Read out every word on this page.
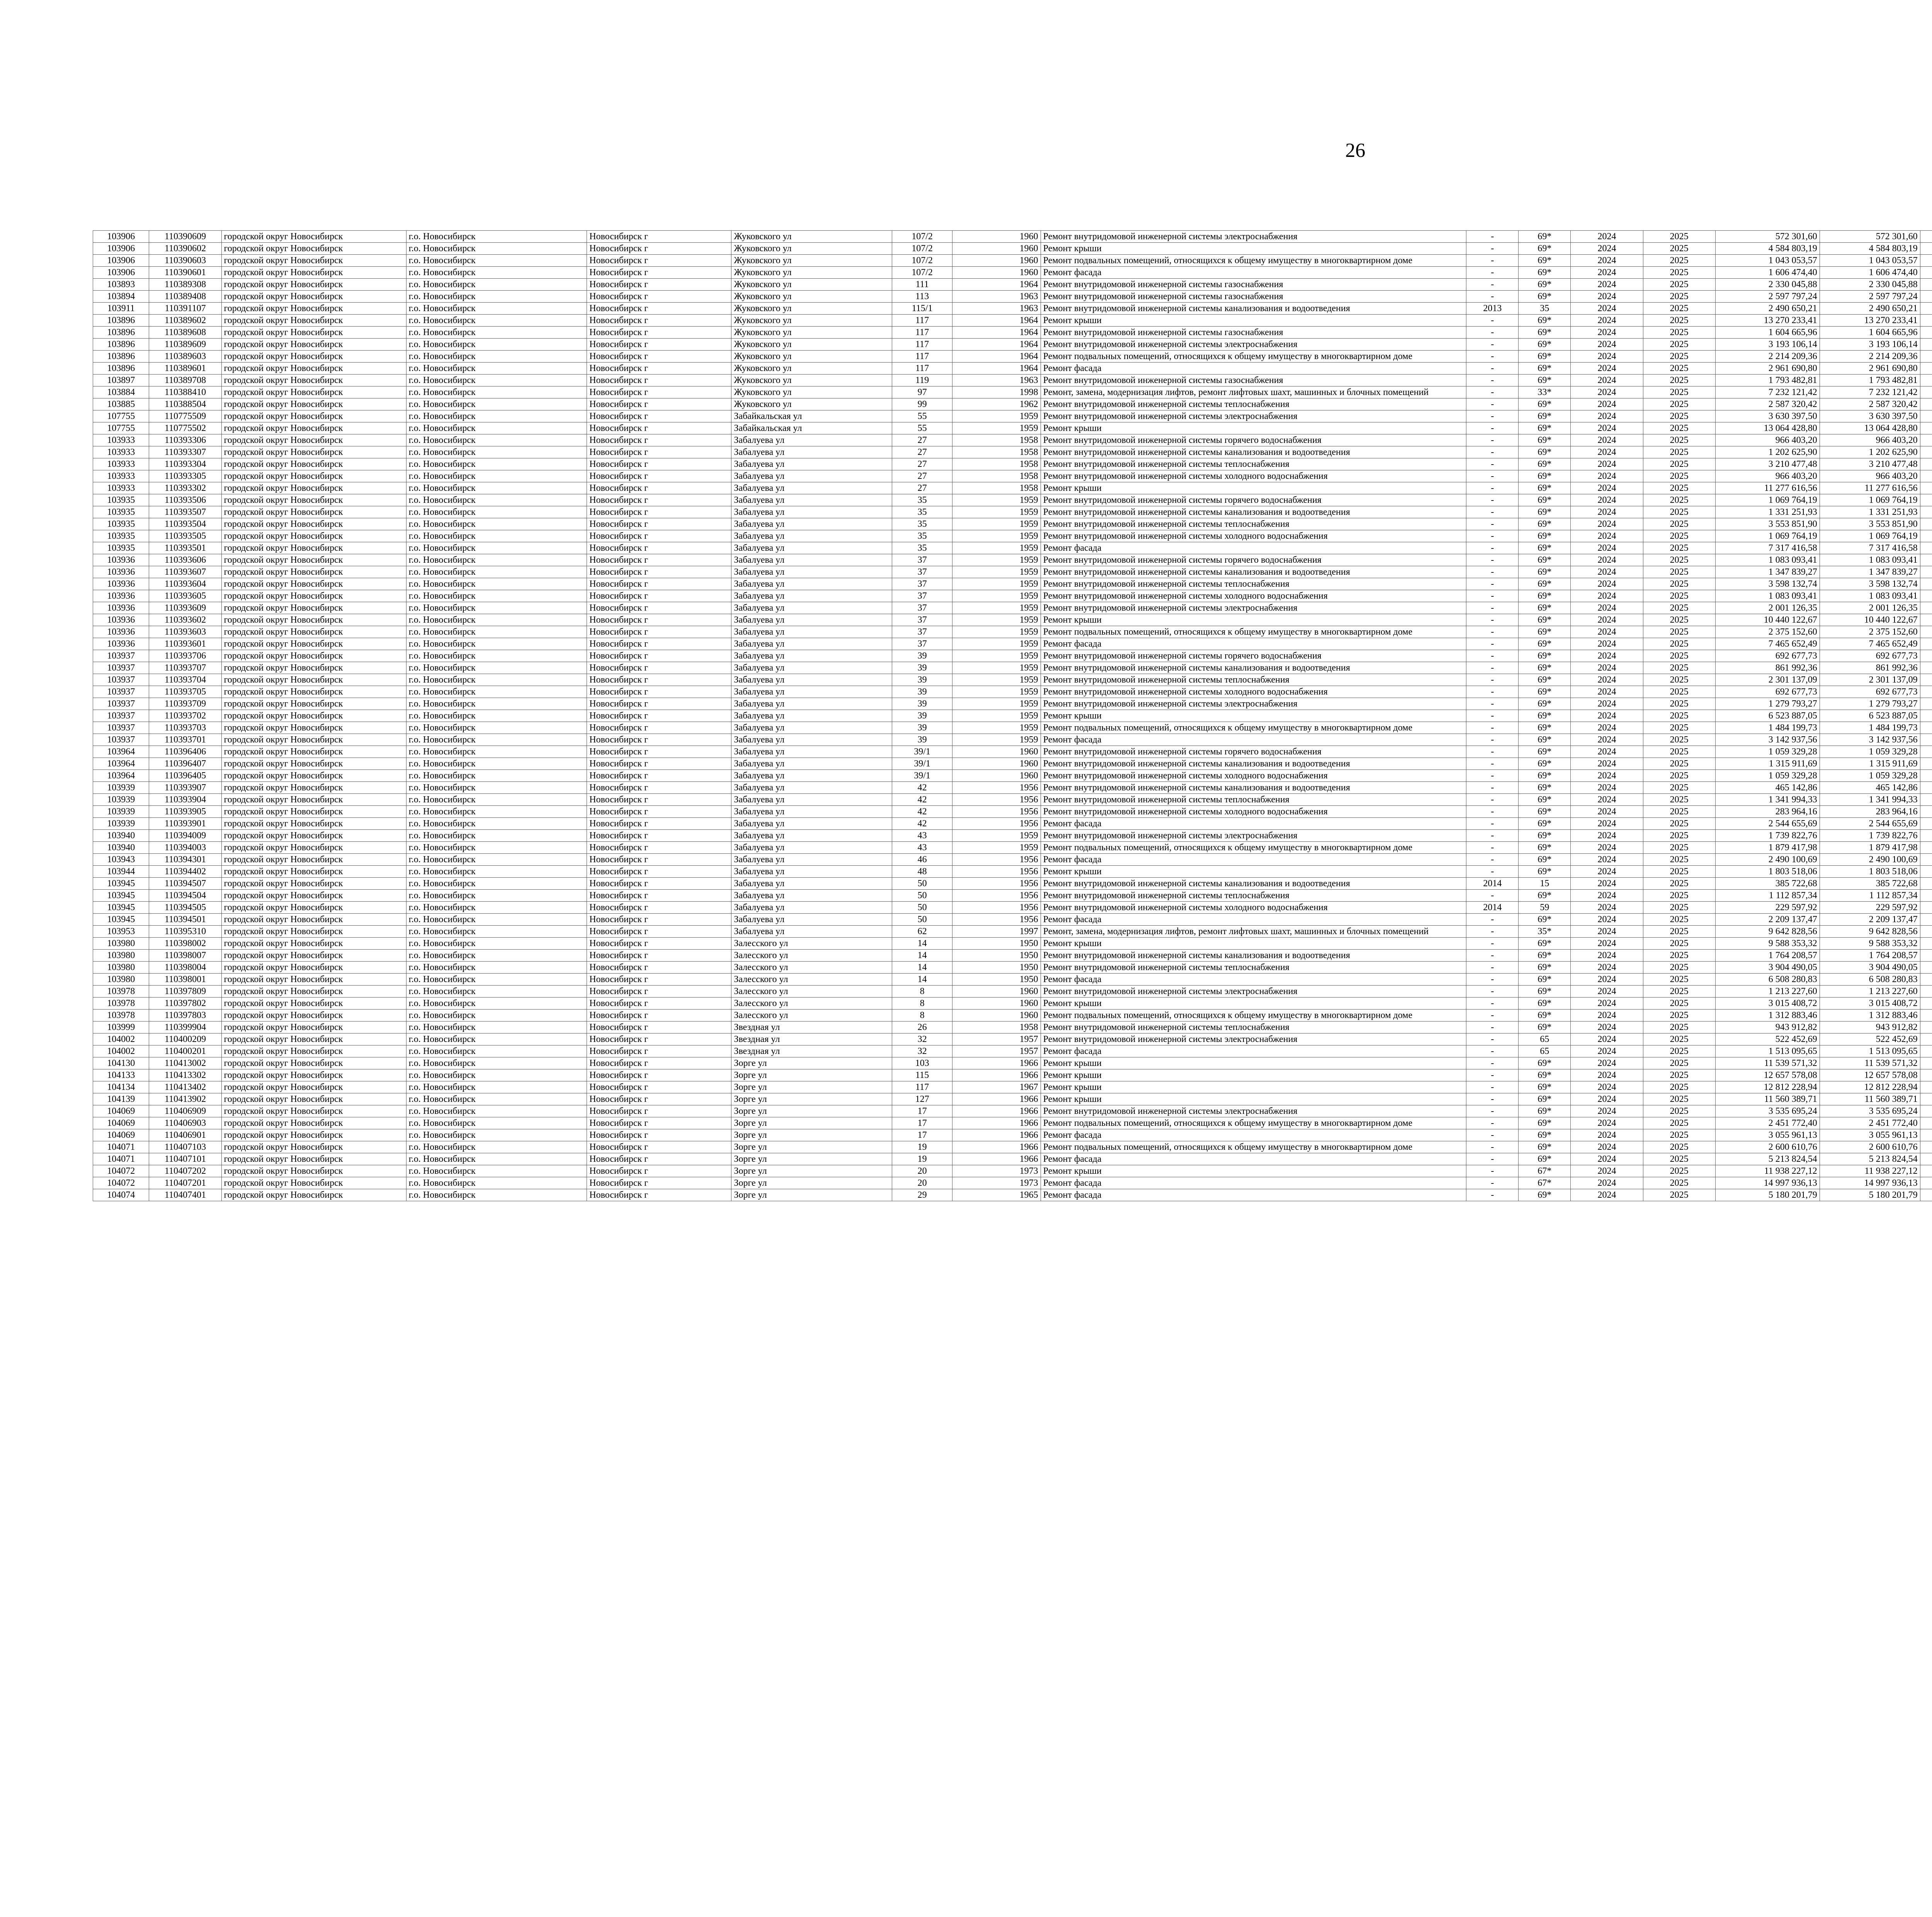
26
103906	110390609	городской округ Новосибирск	г.о. Новосибирск	Новосибирск г	Жуковского ул	107/2	1960	Ремонт внутридомовой инженерной системы электроснабжения	-	69*	2024	2025	572 301,60	572 301,60						
103906	110390602	городской округ Новосибирск	г.о. Новосибирск	Новосибирск г	Жуковского ул	107/2	1960	Ремонт крыши	-	69*	2024	2025	4 584 803,19	4 584 803,19						
103906	110390603	городской округ Новосибирск	г.о. Новосибирск	Новосибирск г	Жуковского ул	107/2	1960	Ремонт подвальных помещений, относящихся к общему имуществу в многоквартирном доме	-	69*	2024	2025	1 043 053,57	1 043 053,57						
103906	110390601	городской округ Новосибирск	г.о. Новосибирск	Новосибирск г	Жуковского ул	107/2	1960	Ремонт фасада	-	69*	2024	2025	1 606 474,40	1 606 474,40						
103893	110389308	городской округ Новосибирск	г.о. Новосибирск	Новосибирск г	Жуковского ул	111	1964	Ремонт внутридомовой инженерной системы газоснабжения	-	69*	2024	2025	2 330 045,88	2 330 045,88						
103894	110389408	городской округ Новосибирск	г.о. Новосибирск	Новосибирск г	Жуковского ул	113	1963	Ремонт внутридомовой инженерной системы газоснабжения	-	69*	2024	2025	2 597 797,24	2 597 797,24						
103911	110391107	городской округ Новосибирск	г.о. Новосибирск	Новосибирск г	Жуковского ул	115/1	1963	Ремонт внутридомовой инженерной системы канализования и водоотведения	2013	35	2024	2025	2 490 650,21	2 490 650,21						
103896	110389602	городской округ Новосибирск	г.о. Новосибирск	Новосибирск г	Жуковского ул	117	1964	Ремонт крыши	-	69*	2024	2025	13 270 233,41	13 270 233,41						
103896	110389608	городской округ Новосибирск	г.о. Новосибирск	Новосибирск г	Жуковского ул	117	1964	Ремонт внутридомовой инженерной системы газоснабжения	-	69*	2024	2025	1 604 665,96	1 604 665,96						
103896	110389609	городской округ Новосибирск	г.о. Новосибирск	Новосибирск г	Жуковского ул	117	1964	Ремонт внутридомовой инженерной системы электроснабжения	-	69*	2024	2025	3 193 106,14	3 193 106,14						
103896	110389603	городской округ Новосибирск	г.о. Новосибирск	Новосибирск г	Жуковского ул	117	1964	Ремонт подвальных помещений, относящихся к общему имуществу в многоквартирном доме	-	69*	2024	2025	2 214 209,36	2 214 209,36						
103896	110389601	городской округ Новосибирск	г.о. Новосибирск	Новосибирск г	Жуковского ул	117	1964	Ремонт фасада	-	69*	2024	2025	2 961 690,80	2 961 690,80						
103897	110389708	городской округ Новосибирск	г.о. Новосибирск	Новосибирск г	Жуковского ул	119	1963	Ремонт внутридомовой инженерной системы газоснабжения	-	69*	2024	2025	1 793 482,81	1 793 482,81						
103884	110388410	городской округ Новосибирск	г.о. Новосибирск	Новосибирск г	Жуковского ул	97	1998	Ремонт, замена, модернизация лифтов, ремонт лифтовых шахт, машинных и блочных помещений	-	33*	2024	2025	7 232 121,42	7 232 121,42						
103885	110388504	городской округ Новосибирск	г.о. Новосибирск	Новосибирск г	Жуковского ул	99	1962	Ремонт внутридомовой инженерной системы теплоснабжения	-	69*	2024	2025	2 587 320,42	2 587 320,42						
107755	110775509	городской округ Новосибирск	г.о. Новосибирск	Новосибирск г	Забайкальская ул	55	1959	Ремонт внутридомовой инженерной системы электроснабжения	-	69*	2024	2025	3 630 397,50	3 630 397,50						
107755	110775502	городской округ Новосибирск	г.о. Новосибирск	Новосибирск г	Забайкальская ул	55	1959	Ремонт крыши	-	69*	2024	2025	13 064 428,80	13 064 428,80						
103933	110393306	городской округ Новосибирск	г.о. Новосибирск	Новосибирск г	Забалуева ул	27	1958	Ремонт внутридомовой инженерной системы горячего водоснабжения	-	69*	2024	2025	966 403,20	966 403,20						
103933	110393307	городской округ Новосибирск	г.о. Новосибирск	Новосибирск г	Забалуева ул	27	1958	Ремонт внутридомовой инженерной системы канализования и водоотведения	-	69*	2024	2025	1 202 625,90	1 202 625,90						
103933	110393304	городской округ Новосибирск	г.о. Новосибирск	Новосибирск г	Забалуева ул	27	1958	Ремонт внутридомовой инженерной системы теплоснабжения	-	69*	2024	2025	3 210 477,48	3 210 477,48						
103933	110393305	городской округ Новосибирск	г.о. Новосибирск	Новосибирск г	Забалуева ул	27	1958	Ремонт внутридомовой инженерной системы холодного водоснабжения	-	69*	2024	2025	966 403,20	966 403,20						
103933	110393302	городской округ Новосибирск	г.о. Новосибирск	Новосибирск г	Забалуева ул	27	1958	Ремонт крыши	-	69*	2024	2025	11 277 616,56	11 277 616,56						
103935	110393506	городской округ Новосибирск	г.о. Новосибирск	Новосибирск г	Забалуева ул	35	1959	Ремонт внутридомовой инженерной системы горячего водоснабжения	-	69*	2024	2025	1 069 764,19	1 069 764,19						
103935	110393507	городской округ Новосибирск	г.о. Новосибирск	Новосибирск г	Забалуева ул	35	1959	Ремонт внутридомовой инженерной системы канализования и водоотведения	-	69*	2024	2025	1 331 251,93	1 331 251,93						
103935	110393504	городской округ Новосибирск	г.о. Новосибирск	Новосибирск г	Забалуева ул	35	1959	Ремонт внутридомовой инженерной системы теплоснабжения	-	69*	2024	2025	3 553 851,90	3 553 851,90						
103935	110393505	городской округ Новосибирск	г.о. Новосибирск	Новосибирск г	Забалуева ул	35	1959	Ремонт внутридомовой инженерной системы холодного водоснабжения	-	69*	2024	2025	1 069 764,19	1 069 764,19						
103935	110393501	городской округ Новосибирск	г.о. Новосибирск	Новосибирск г	Забалуева ул	35	1959	Ремонт фасада	-	69*	2024	2025	7 317 416,58	7 317 416,58						
103936	110393606	городской округ Новосибирск	г.о. Новосибирск	Новосибирск г	Забалуева ул	37	1959	Ремонт внутридомовой инженерной системы горячего водоснабжения	-	69*	2024	2025	1 083 093,41	1 083 093,41						
103936	110393607	городской округ Новосибирск	г.о. Новосибирск	Новосибирск г	Забалуева ул	37	1959	Ремонт внутридомовой инженерной системы канализования и водоотведения	-	69*	2024	2025	1 347 839,27	1 347 839,27						
103936	110393604	городской округ Новосибирск	г.о. Новосибирск	Новосибирск г	Забалуева ул	37	1959	Ремонт внутридомовой инженерной системы теплоснабжения	-	69*	2024	2025	3 598 132,74	3 598 132,74						
103936	110393605	городской округ Новосибирск	г.о. Новосибирск	Новосибирск г	Забалуева ул	37	1959	Ремонт внутридомовой инженерной системы холодного водоснабжения	-	69*	2024	2025	1 083 093,41	1 083 093,41						
103936	110393609	городской округ Новосибирск	г.о. Новосибирск	Новосибирск г	Забалуева ул	37	1959	Ремонт внутридомовой инженерной системы электроснабжения	-	69*	2024	2025	2 001 126,35	2 001 126,35						
103936	110393602	городской округ Новосибирск	г.о. Новосибирск	Новосибирск г	Забалуева ул	37	1959	Ремонт крыши	-	69*	2024	2025	10 440 122,67	10 440 122,67						
103936	110393603	городской округ Новосибирск	г.о. Новосибирск	Новосибирск г	Забалуева ул	37	1959	Ремонт подвальных помещений, относящихся к общему имуществу в многоквартирном доме	-	69*	2024	2025	2 375 152,60	2 375 152,60						
103936	110393601	городской округ Новосибирск	г.о. Новосибирск	Новосибирск г	Забалуева ул	37	1959	Ремонт фасада	-	69*	2024	2025	7 465 652,49	7 465 652,49						
103937	110393706	городской округ Новосибирск	г.о. Новосибирск	Новосибирск г	Забалуева ул	39	1959	Ремонт внутридомовой инженерной системы горячего водоснабжения	-	69*	2024	2025	692 677,73	692 677,73						
103937	110393707	городской округ Новосибирск	г.о. Новосибирск	Новосибирск г	Забалуева ул	39	1959	Ремонт внутридомовой инженерной системы канализования и водоотведения	-	69*	2024	2025	861 992,36	861 992,36						
103937	110393704	городской округ Новосибирск	г.о. Новосибирск	Новосибирск г	Забалуева ул	39	1959	Ремонт внутридомовой инженерной системы теплоснабжения	-	69*	2024	2025	2 301 137,09	2 301 137,09						
103937	110393705	городской округ Новосибирск	г.о. Новосибирск	Новосибирск г	Забалуева ул	39	1959	Ремонт внутридомовой инженерной системы холодного водоснабжения	-	69*	2024	2025	692 677,73	692 677,73						
103937	110393709	городской округ Новосибирск	г.о. Новосибирск	Новосибирск г	Забалуева ул	39	1959	Ремонт внутридомовой инженерной системы электроснабжения	-	69*	2024	2025	1 279 793,27	1 279 793,27						
103937	110393702	городской округ Новосибирск	г.о. Новосибирск	Новосибирск г	Забалуева ул	39	1959	Ремонт крыши	-	69*	2024	2025	6 523 887,05	6 523 887,05						
103937	110393703	городской округ Новосибирск	г.о. Новосибирск	Новосибирск г	Забалуева ул	39	1959	Ремонт подвальных помещений, относящихся к общему имуществу в многоквартирном доме	-	69*	2024	2025	1 484 199,73	1 484 199,73						
103937	110393701	городской округ Новосибирск	г.о. Новосибирск	Новосибирск г	Забалуева ул	39	1959	Ремонт фасада	-	69*	2024	2025	3 142 937,56	3 142 937,56						
103964	110396406	городской округ Новосибирск	г.о. Новосибирск	Новосибирск г	Забалуева ул	39/1	1960	Ремонт внутридомовой инженерной системы горячего водоснабжения	-	69*	2024	2025	1 059 329,28	1 059 329,28						
103964	110396407	городской округ Новосибирск	г.о. Новосибирск	Новосибирск г	Забалуева ул	39/1	1960	Ремонт внутридомовой инженерной системы канализования и водоотведения	-	69*	2024	2025	1 315 911,69	1 315 911,69						
103964	110396405	городской округ Новосибирск	г.о. Новосибирск	Новосибирск г	Забалуева ул	39/1	1960	Ремонт внутридомовой инженерной системы холодного водоснабжения	-	69*	2024	2025	1 059 329,28	1 059 329,28						
103939	110393907	городской округ Новосибирск	г.о. Новосибирск	Новосибирск г	Забалуева ул	42	1956	Ремонт внутридомовой инженерной системы канализования и водоотведения	-	69*	2024	2025	465 142,86	465 142,86						
103939	110393904	городской округ Новосибирск	г.о. Новосибирск	Новосибирск г	Забалуева ул	42	1956	Ремонт внутридомовой инженерной системы теплоснабжения	-	69*	2024	2025	1 341 994,33	1 341 994,33						
103939	110393905	городской округ Новосибирск	г.о. Новосибирск	Новосибирск г	Забалуева ул	42	1956	Ремонт внутридомовой инженерной системы холодного водоснабжения	-	69*	2024	2025	283 964,16	283 964,16						
103939	110393901	городской округ Новосибирск	г.о. Новосибирск	Новосибирск г	Забалуева ул	42	1956	Ремонт фасада	-	69*	2024	2025	2 544 655,69	2 544 655,69						
103940	110394009	городской округ Новосибирск	г.о. Новосибирск	Новосибирск г	Забалуева ул	43	1959	Ремонт внутридомовой инженерной системы электроснабжения	-	69*	2024	2025	1 739 822,76	1 739 822,76						
103940	110394003	городской округ Новосибирск	г.о. Новосибирск	Новосибирск г	Забалуева ул	43	1959	Ремонт подвальных помещений, относящихся к общему имуществу в многоквартирном доме	-	69*	2024	2025	1 879 417,98	1 879 417,98						
103943	110394301	городской округ Новосибирск	г.о. Новосибирск	Новосибирск г	Забалуева ул	46	1956	Ремонт фасада	-	69*	2024	2025	2 490 100,69	2 490 100,69						
103944	110394402	городской округ Новосибирск	г.о. Новосибирск	Новосибирск г	Забалуева ул	48	1956	Ремонт крыши	-	69*	2024	2025	1 803 518,06	1 803 518,06						
103945	110394507	городской округ Новосибирск	г.о. Новосибирск	Новосибирск г	Забалуева ул	50	1956	Ремонт внутридомовой инженерной системы канализования и водоотведения	2014	15	2024	2025	385 722,68	385 722,68						
103945	110394504	городской округ Новосибирск	г.о. Новосибирск	Новосибирск г	Забалуева ул	50	1956	Ремонт внутридомовой инженерной системы теплоснабжения	-	69*	2024	2025	1 112 857,34	1 112 857,34						
103945	110394505	городской округ Новосибирск	г.о. Новосибирск	Новосибирск г	Забалуева ул	50	1956	Ремонт внутридомовой инженерной системы холодного водоснабжения	2014	59	2024	2025	229 597,92	229 597,92						
103945	110394501	городской округ Новосибирск	г.о. Новосибирск	Новосибирск г	Забалуева ул	50	1956	Ремонт фасада	-	69*	2024	2025	2 209 137,47	2 209 137,47						
103953	110395310	городской округ Новосибирск	г.о. Новосибирск	Новосибирск г	Забалуева ул	62	1997	Ремонт, замена, модернизация лифтов, ремонт лифтовых шахт, машинных и блочных помещений	-	35*	2024	2025	9 642 828,56	9 642 828,56						
103980	110398002	городской округ Новосибирск	г.о. Новосибирск	Новосибирск г	Залесского ул	14	1950	Ремонт крыши	-	69*	2024	2025	9 588 353,32	9 588 353,32						
103980	110398007	городской округ Новосибирск	г.о. Новосибирск	Новосибирск г	Залесского ул	14	1950	Ремонт внутридомовой инженерной системы канализования и водоотведения	-	69*	2024	2025	1 764 208,57	1 764 208,57						
103980	110398004	городской округ Новосибирск	г.о. Новосибирск	Новосибирск г	Залесского ул	14	1950	Ремонт внутридомовой инженерной системы теплоснабжения	-	69*	2024	2025	3 904 490,05	3 904 490,05						
103980	110398001	городской округ Новосибирск	г.о. Новосибирск	Новосибирск г	Залесского ул	14	1950	Ремонт фасада	-	69*	2024	2025	6 508 280,83	6 508 280,83						
103978	110397809	городской округ Новосибирск	г.о. Новосибирск	Новосибирск г	Залесского ул	8	1960	Ремонт внутридомовой инженерной системы электроснабжения	-	69*	2024	2025	1 213 227,60	1 213 227,60						
103978	110397802	городской округ Новосибирск	г.о. Новосибирск	Новосибирск г	Залесского ул	8	1960	Ремонт крыши	-	69*	2024	2025	3 015 408,72	3 015 408,72						
103978	110397803	городской округ Новосибирск	г.о. Новосибирск	Новосибирск г	Залесского ул	8	1960	Ремонт подвальных помещений, относящихся к общему имуществу в многоквартирном доме	-	69*	2024	2025	1 312 883,46	1 312 883,46						
103999	110399904	городской округ Новосибирск	г.о. Новосибирск	Новосибирск г	Звездная ул	26	1958	Ремонт внутридомовой инженерной системы теплоснабжения	-	69*	2024	2025	943 912,82	943 912,82						
104002	110400209	городской округ Новосибирск	г.о. Новосибирск	Новосибирск г	Звездная ул	32	1957	Ремонт внутридомовой инженерной системы электроснабжения	-	65	2024	2025	522 452,69	522 452,69						
104002	110400201	городской округ Новосибирск	г.о. Новосибирск	Новосибирск г	Звездная ул	32	1957	Ремонт фасада	-	65	2024	2025	1 513 095,65	1 513 095,65						
104130	110413002	городской округ Новосибирск	г.о. Новосибирск	Новосибирск г	Зорге ул	103	1966	Ремонт крыши	-	69*	2024	2025	11 539 571,32	11 539 571,32						
104133	110413302	городской округ Новосибирск	г.о. Новосибирск	Новосибирск г	Зорге ул	115	1966	Ремонт крыши	-	69*	2024	2025	12 657 578,08	12 657 578,08						
104134	110413402	городской округ Новосибирск	г.о. Новосибирск	Новосибирск г	Зорге ул	117	1967	Ремонт крыши	-	69*	2024	2025	12 812 228,94	12 812 228,94						
104139	110413902	городской округ Новосибирск	г.о. Новосибирск	Новосибирск г	Зорге ул	127	1966	Ремонт крыши	-	69*	2024	2025	11 560 389,71	11 560 389,71						
104069	110406909	городской округ Новосибирск	г.о. Новосибирск	Новосибирск г	Зорге ул	17	1966	Ремонт внутридомовой инженерной системы электроснабжения	-	69*	2024	2025	3 535 695,24	3 535 695,24						
104069	110406903	городской округ Новосибирск	г.о. Новосибирск	Новосибирск г	Зорге ул	17	1966	Ремонт подвальных помещений, относящихся к общему имуществу в многоквартирном доме	-	69*	2024	2025	2 451 772,40	2 451 772,40						
104069	110406901	городской округ Новосибирск	г.о. Новосибирск	Новосибирск г	Зорге ул	17	1966	Ремонт фасада	-	69*	2024	2025	3 055 961,13	3 055 961,13						
104071	110407103	городской округ Новосибирск	г.о. Новосибирск	Новосибирск г	Зорге ул	19	1966	Ремонт подвальных помещений, относящихся к общему имуществу в многоквартирном доме	-	69*	2024	2025	2 600 610,76	2 600 610,76						
104071	110407101	городской округ Новосибирск	г.о. Новосибирск	Новосибирск г	Зорге ул	19	1966	Ремонт фасада	-	69*	2024	2025	5 213 824,54	5 213 824,54						
104072	110407202	городской округ Новосибирск	г.о. Новосибирск	Новосибирск г	Зорге ул	20	1973	Ремонт крыши	-	67*	2024	2025	11 938 227,12	11 938 227,12						
104072	110407201	городской округ Новосибирск	г.о. Новосибирск	Новосибирск г	Зорге ул	20	1973	Ремонт фасада	-	67*	2024	2025	14 997 936,13	14 997 936,13						
104074	110407401	городской округ Новосибирск	г.о. Новосибирск	Новосибирск г	Зорге ул	29	1965	Ремонт фасада	-	69*	2024	2025	5 180 201,79	5 180 201,79						
